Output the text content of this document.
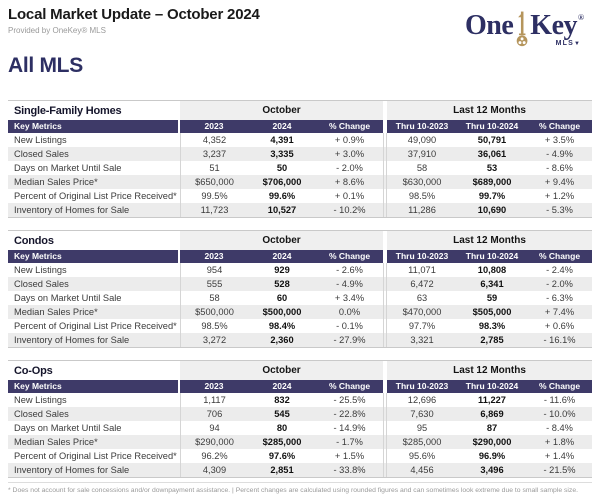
Local Market Update – October 2024
Provided by OneKey® MLS	One Key ®
MLS▼
All MLS
Single-Family Homes	October	Last 12 Months
Key Metrics	2023	2024	% Change	Thru 10-2023	Thru 10-2024	% Change
New Listings	4,352	4,391	+ 0.9%	49,090	50,791	+ 3.5%
Closed Sales	3,237	3,335	+ 3.0%	37,910	36,061	- 4.9%
Days on Market Until Sale	51	50	- 2.0%	58	53	- 8.6%
Median Sales Price*	$650,000	$706,000	+ 8.6%	$630,000	$689,000	+ 9.4%
Percent of Original List Price Received*	99.5%	99.6%	+ 0.1%	98.5%	99.7%	+ 1.2%
Inventory of Homes for Sale	11,723	10,527	- 10.2%	11,286	10,690	- 5.3%
Condos	October	Last 12 Months
Key Metrics	2023	2024	% Change	Thru 10-2023	Thru 10-2024	% Change
New Listings	954	929	- 2.6%	11,071	10,808	- 2.4%
Closed Sales	555	528	- 4.9%	6,472	6,341	- 2.0%
Days on Market Until Sale	58	60	+ 3.4%	63	59	- 6.3%
Median Sales Price*	$500,000	$500,000	0.0%	$470,000	$505,000	+ 7.4%
Percent of Original List Price Received*	98.5%	98.4%	- 0.1%	97.7%	98.3%	+ 0.6%
Inventory of Homes for Sale	3,272	2,360	- 27.9%	3,321	2,785	- 16.1%
Co-Ops	October	Last 12 Months
Key Metrics	2023	2024	% Change	Thru 10-2023	Thru 10-2024	% Change
New Listings	1,117	832	- 25.5%	12,696	11,227	- 11.6%
Closed Sales	706	545	- 22.8%	7,630	6,869	- 10.0%
Days on Market Until Sale	94	80	- 14.9%	95	87	- 8.4%
Median Sales Price*	$290,000	$285,000	- 1.7%	$285,000	$290,000	+ 1.8%
Percent of Original List Price Received*	96.2%	97.6%	+ 1.5%	95.6%	96.9%	+ 1.4%
Inventory of Homes for Sale	4,309	2,851	- 33.8%	4,456	3,496	- 21.5%
* Does not account for sale concessions and/or downpayment assistance. | Percent changes are calculated using rounded figures and can sometimes look extreme due to small sample size.
